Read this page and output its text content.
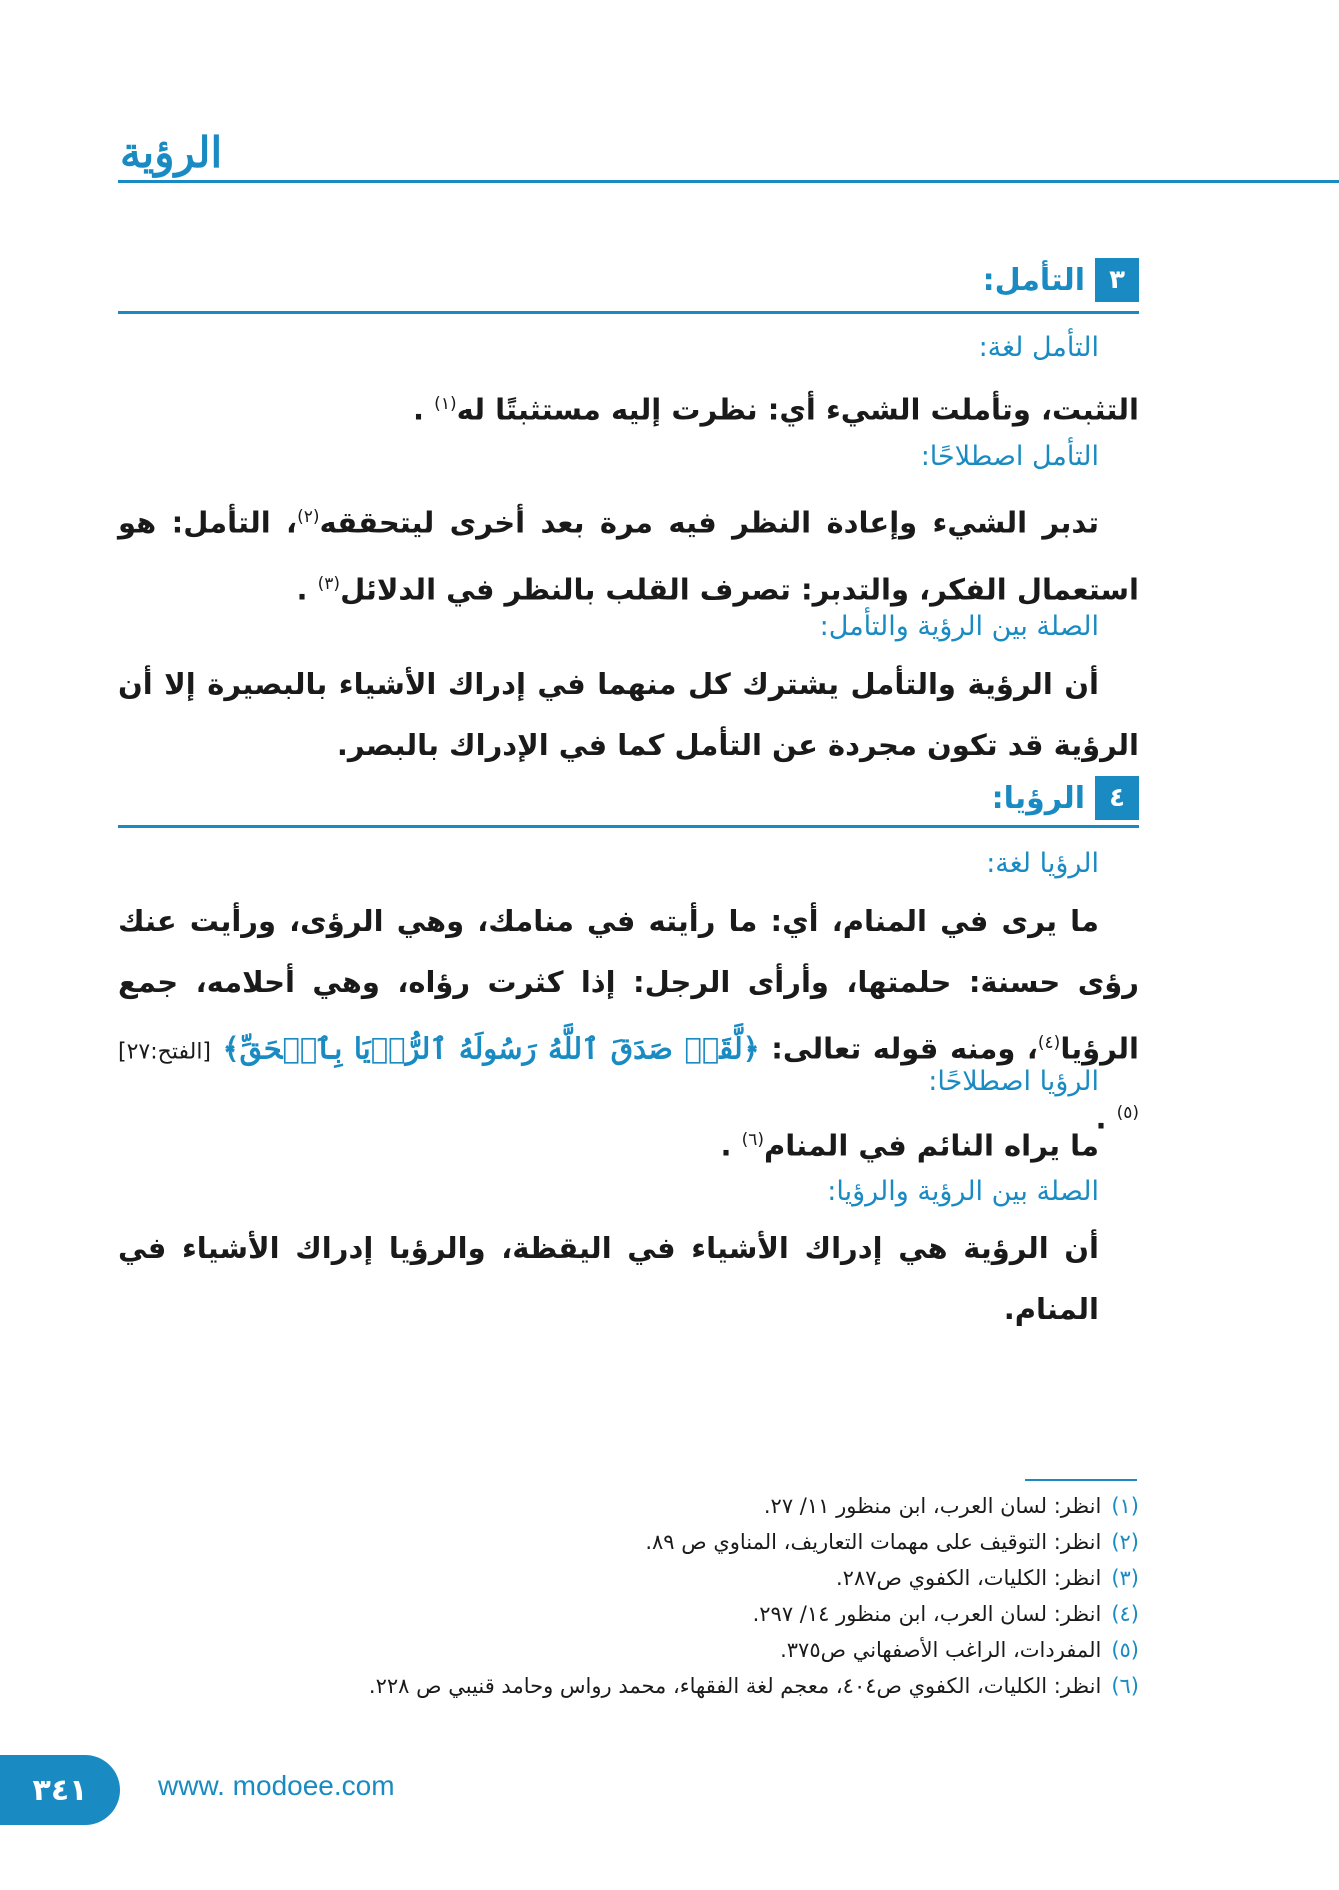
الرؤية
٣
التأمل:
التأمل لغة:
التثبت، وتأملت الشيء أي: نظرت إليه مستثبتًا له$^{(١)}$ .
التأمل اصطلاحًا:
تدبر الشيء وإعادة النظر فيه مرة بعد أخرى ليتحققه$^{(٢)}$، التأمل: هو استعمال الفكر، والتدبر: تصرف القلب بالنظر في الدلائل$^{(٣)}$ .
الصلة بين الرؤية والتأمل:
أن الرؤية والتأمل يشترك كل منهما في إدراك الأشياء بالبصيرة إلا أن الرؤية قد تكون مجردة عن التأمل كما في الإدراك بالبصر.
٤
الرؤيا:
الرؤيا لغة:
ما يرى في المنام، أي: ما رأيته في منامك، وهي الرؤى، ورأيت عنك رؤى حسنة: حلمتها، وأرأى الرجل: إذا كثرت رؤاه، وهي أحلامه، جمع الرؤيا$^{(٤)}$، ومنه قوله تعالى: ﴿لَّقَدۡ صَدَقَ ٱللَّهُ رَسُولَهُ ٱلرُّءۡيَا بِٱلۡحَقِّ﴾ [الفتح:٢٧]$^{(٥)}$ .
الرؤيا اصطلاحًا:
ما يراه النائم في المنام$^{(٦)}$ .
الصلة بين الرؤية والرؤيا:
أن الرؤية هي إدراك الأشياء في اليقظة، والرؤيا إدراك الأشياء في المنام.
(١)انظر: لسان العرب، ابن منظور ١١/ ٢٧.
(٢)انظر: التوقيف على مهمات التعاريف، المناوي ص ٨٩.
(٣)انظر: الكليات، الكفوي ص٢٨٧.
(٤)انظر: لسان العرب، ابن منظور ١٤/ ٢٩٧.
(٥)المفردات، الراغب الأصفهاني ص٣٧٥.
(٦)انظر: الكليات، الكفوي ص٤٠٤، معجم لغة الفقهاء، محمد رواس وحامد قنيبي ص ٢٢٨.
٣٤١	www. modoee.com
